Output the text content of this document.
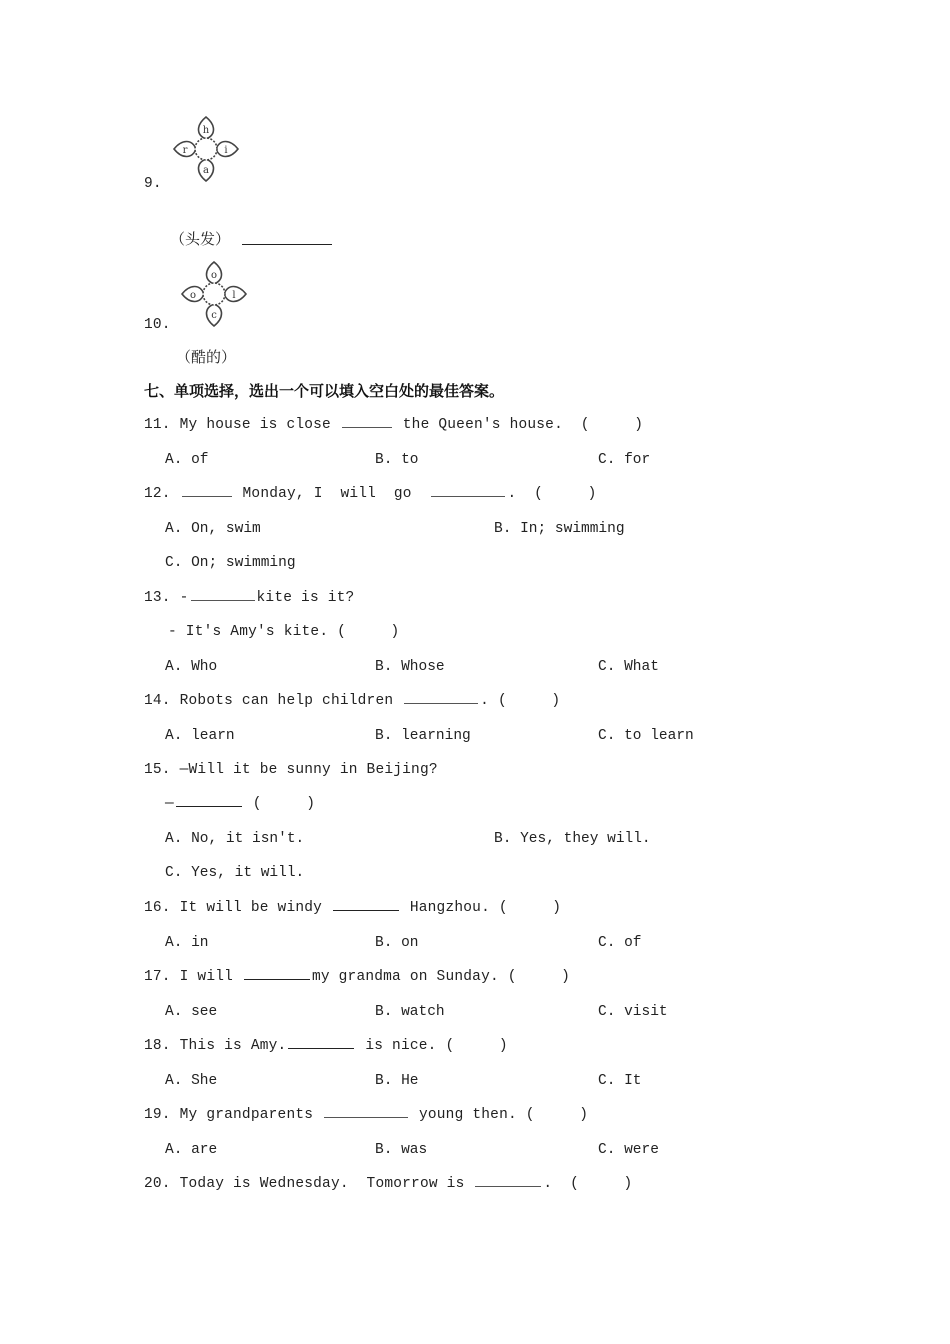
9.
h
i
a
r
（头发）
10.
o
l
c
o
（酷的）
七、单项选择，选出一个可以填入空白处的最佳答案。
11. My house is close	the Queen's house.  (     )
A. of	B. to	C. for
12.	Monday, I  will  go	.  (     )
A. On, swim	B. In; swimming
C. On; swimming
13. -	kite is it?
- It's Amy's kite. (     )
A. Who	B. Whose	C. What
14. Robots can help children	. (     )
A. learn	B. learning	C. to learn
15. —Will it be sunny in Beijing?
—	(     )
A. No, it isn't.	B. Yes, they will.
C. Yes, it will.
16. It will be windy	Hangzhou. (     )
A. in	B. on	C. of
17. I will	my grandma on Sunday. (     )
A. see	B. watch	C. visit
18. This is Amy.	is nice. (     )
A. She	B. He	C. It
19. My grandparents	young then. (     )
A. are	B. was	C. were
20. Today is Wednesday.  Tomorrow is	.  (     )
